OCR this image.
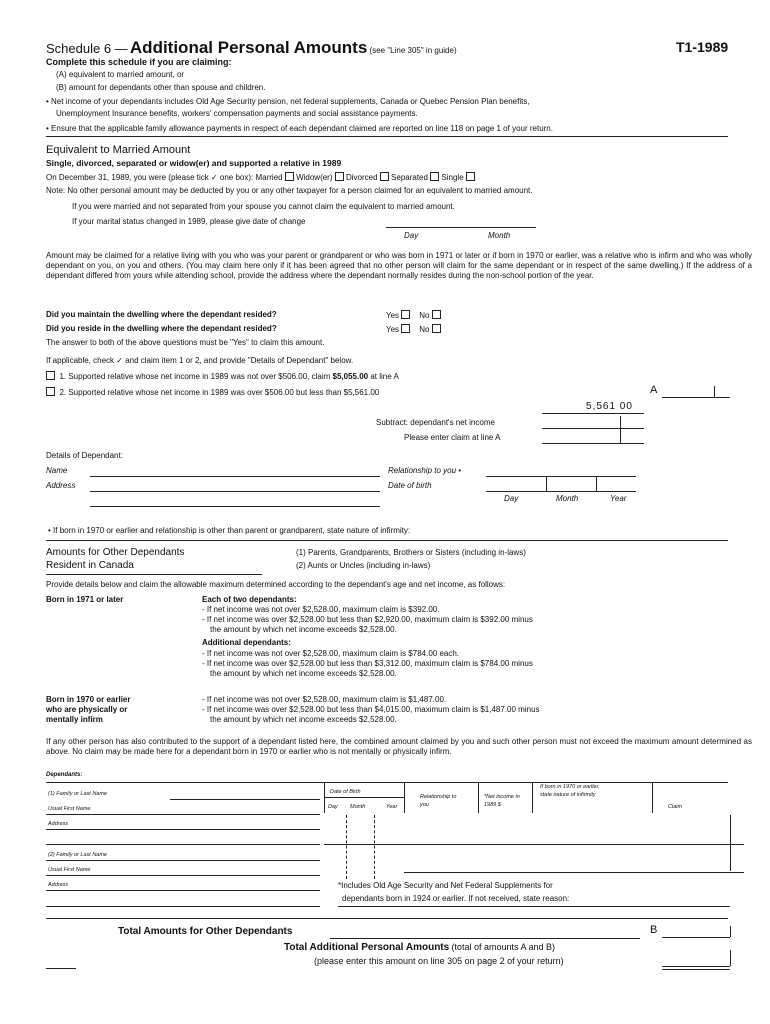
Schedule 6 — Additional Personal Amounts (see "Line 305" in guide)	T1-1989
Complete this schedule if you are claiming:
(A) equivalent to married amount, or
(B) amount for dependants other than spouse and children.
• Net income of your dependants includes Old Age Security pension, net federal supplements, Canada or Quebec Pension Plan benefits,
Unemployment Insurance benefits, workers' compensation payments and social assistance payments.
• Ensure that the applicable family allowance payments in respect of each dependant claimed are reported on line 118 on page 1 of your return.
Equivalent to Married Amount
Single, divorced, separated or widow(er) and supported a relative in 1989
On December 31, 1989, you were (please tick ✓ one box): Married Widow(er) Divorced Separated Single
Note: No other personal amount may be deducted by you or any other taxpayer for a person claimed for an equivalent to married amount.
If you were married and not separated from your spouse you cannot claim the equivalent to married amount.
If your marital status changed in 1989, please give date of change
Day	Month
Amount may be claimed for a relative living with you who was your parent or grandparent or who was born in 1971 or later or if born in 1970 or earlier, was a relative who is infirm and who was wholly dependant on you, on you and others. (You may claim here only if it has been agreed that no other person will claim for the same dependant or in respect of the same dwelling.) If the address of a dependant differed from yours while attending school, provide the address where the dependant normally resides during the non-school portion of the year.
Did you maintain the dwelling where the dependant resided?	Yes	No
Did you reside in the dwelling where the dependant resided?	Yes	No
The answer to both of the above questions must be "Yes" to claim this amount.
If applicable, check ✓ and claim item 1 or 2, and provide "Details of Dependant" below.
1. Supported relative whose net income in 1989 was not over $506.00, claim $5,055.00 at line A
2. Supported relative whose net income in 1989 was over $506.00 but less than $5,561.00	A
5,561 00
Subtract: dependant's net income
Please enter claim at line A
Details of Dependant:
Name
Address
Relationship to you •
Date of birth
Day	Month	Year
• If born in 1970 or earlier and relationship is other than parent or grandparent, state nature of infirmity:
Amounts for Other Dependants
Resident in Canada
(1) Parents, Grandparents, Brothers or Sisters (including in-laws)
(2) Aunts or Uncles (including in-laws)
Provide details below and claim the allowable maximum determined according to the dependant's age and net income, as follows:
Born in 1971 or later	Each of two dependants:
- If net income was not over $2,528.00, maximum claim is $392.00.
- If net income was over $2,528.00 but less than $2,920.00, maximum claim is $392.00 minus
the amount by which net income exceeds $2,528.00.
Additional dependants:
- If net income was not over $2,528.00, maximum claim is $784.00 each.
- If net income was over $2,528.00 but less than $3,312.00, maximum claim is $784.00 minus
the amount by which net income exceeds $2,528.00.
Born in 1970 or earlier
who are physically or
mentally infirm
- If net income was not over $2,528.00, maximum claim is $1,487.00.
- If net income was over $2,528.00 but less than $4,015.00, maximum claim is $1,487.00 minus
the amount by which net income exceeds $2,528.00.
If any other person has also contributed to the support of a dependant listed here, the combined amount claimed by you and such other person must not exceed the maximum amount determined as above. No claim may be made here for a dependant born in 1970 or earlier who is not mentally or physically infirm.
Dependants:
(1) Family or Last Name
Usual First Name
Address
Date of Birth
Day Month	Year
Relationship to you
*Net income in 1989 $
If born in 1970 or earlier, state nature of infirmity
Claim
(2) Family or Last Name
Usual First Name
Address	*Includes Old Age Security and Net Federal Supplements for
dependants born in 1924 or earlier. If not received, state reason:
Total Amounts for Other Dependants	B
Total Additional Personal Amounts (total of amounts A and B)
(please enter this amount on line 305 on page 2 of your return)
